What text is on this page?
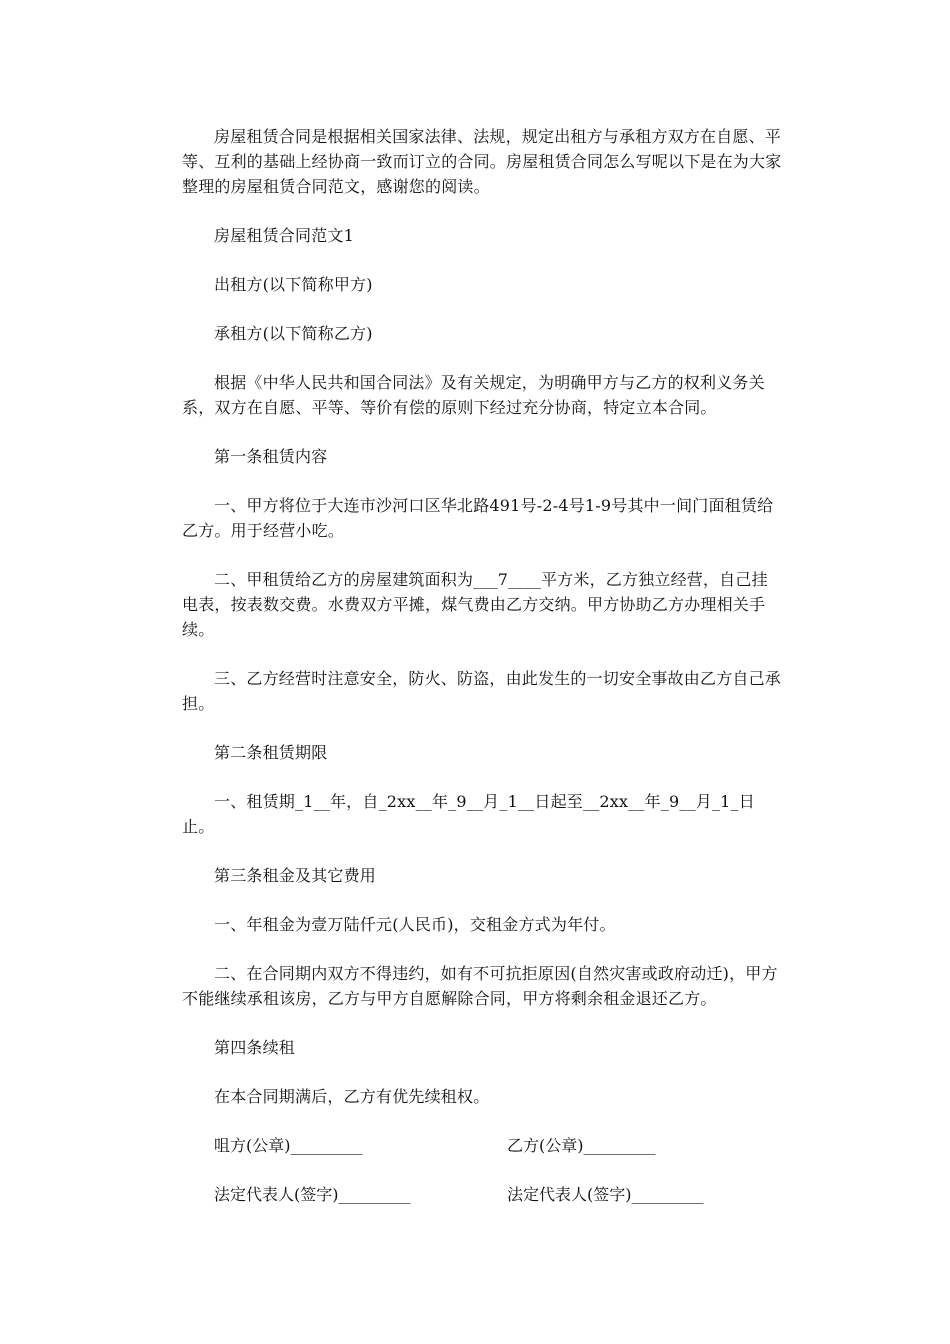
房屋租赁合同是根据相关国家法律、法规，规定出租方与承租方双方在自愿、平等、互利的基础上经协商一致而订立的合同。房屋租赁合同怎么写呢以下是在为大家整理的房屋租赁合同范文，感谢您的阅读。

房屋租赁合同范文1

出租方(以下简称甲方)

承租方(以下简称乙方)

根据《中华人民共和国合同法》及有关规定，为明确甲方与乙方的权利义务关系，双方在自愿、平等、等价有偿的原则下经过充分协商，特定立本合同。

第一条租赁内容

一、甲方将位于大连市沙河口区华北路491号-2-4号1-9号其中一间门面租赁给乙方。用于经营小吃。

二、甲租赁给乙方的房屋建筑面积为___7____平方米，乙方独立经营，自己挂电表，按表数交费。水费双方平摊，煤气费由乙方交纳。甲方协助乙方办理相关手续。

三、乙方经营时注意安全，防火、防盗，由此发生的一切安全事故由乙方自己承担。

第二条租赁期限

一、租赁期_1__年，自_2xx__年_9__月_1__日起至__2xx__年_9__月_1_日止。

第三条租金及其它费用

一、年租金为壹万陆仟元(人民币)，交租金方式为年付。

二、在合同期内双方不得违约，如有不可抗拒原因(自然灾害或政府动迁)，甲方不能继续承租该房，乙方与甲方自愿解除合同，甲方将剩余租金退还乙方。

第四条续租

在本合同期满后，乙方有优先续租权。

咀方(公章)_________	乙方(公章)_________
法定代表人(签字)_________	法定代表人(签字)_________
